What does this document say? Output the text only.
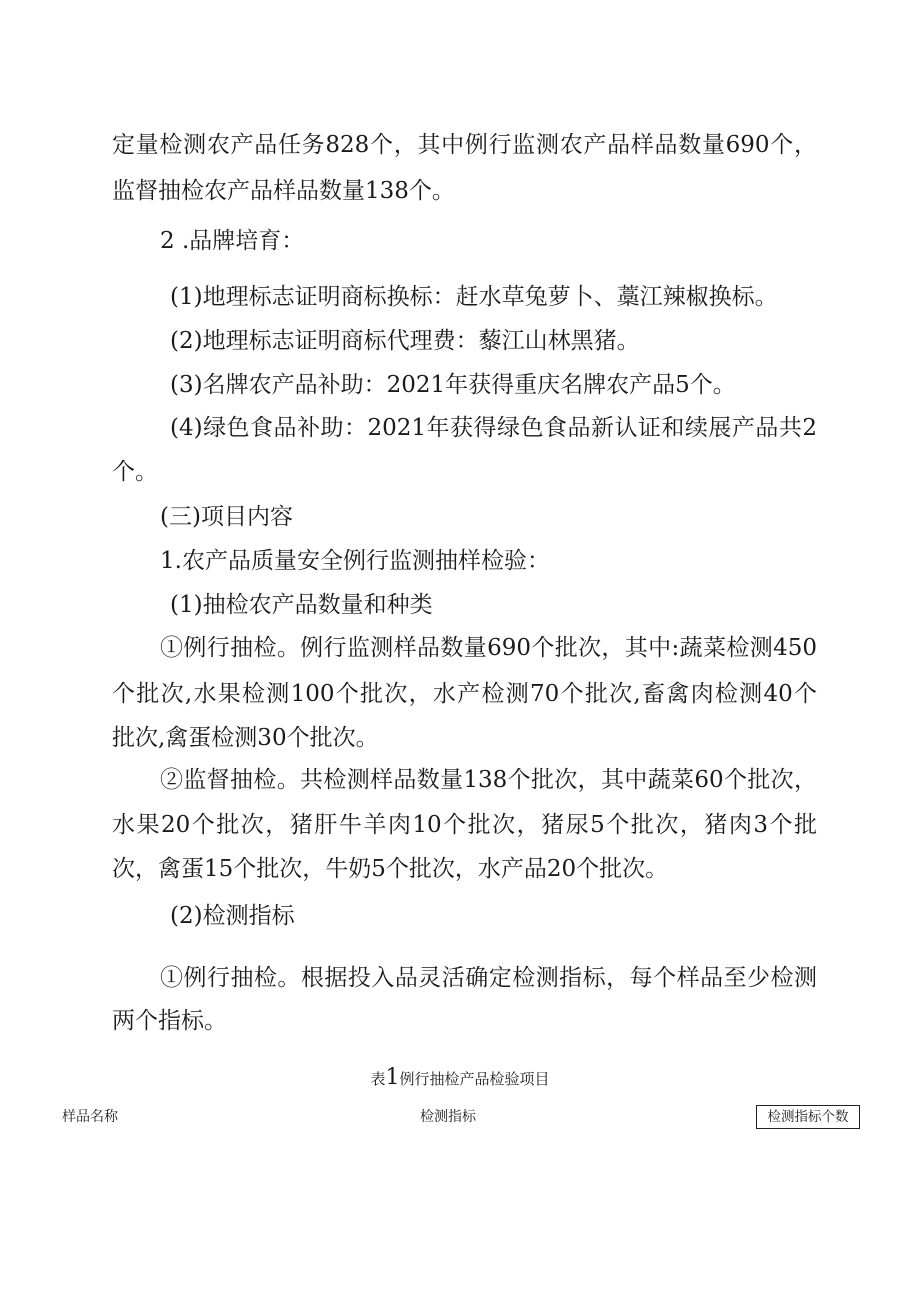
定量检测农产品任务828个，其中例行监测农产品样品数量690个，
监督抽检农产品样品数量138个。
2 .品牌培育：
(1)地理标志证明商标换标：赶水草兔萝卜、藁江辣椒换标。
(2)地理标志证明商标代理费：藜江山林黑猪。
(3)名牌农产品补助：2021年获得重庆名牌农产品5个。
(4)绿色食品补助：2021年获得绿色食品新认证和续展产品共2
个。
(三)项目内容
1.农产品质量安全例行监测抽样检验：
(1)抽检农产品数量和种类
①例行抽检。例行监测样品数量690个批次，其中:蔬菜检测450
个批次,水果检测100个批次，水产检测70个批次,畜禽肉检测40个
批次,禽蛋检测30个批次。
②监督抽检。共检测样品数量138个批次，其中蔬菜60个批次，
水果20个批次，猪肝牛羊肉10个批次，猪尿5个批次，猪肉3个批
次，禽蛋15个批次，牛奶5个批次，水产品20个批次。
(2)检测指标
①例行抽检。根据投入品灵活确定检测指标，每个样品至少检测
两个指标。
表1例行抽检产品检验项目
样品名称	检测指标	检测指标个数
